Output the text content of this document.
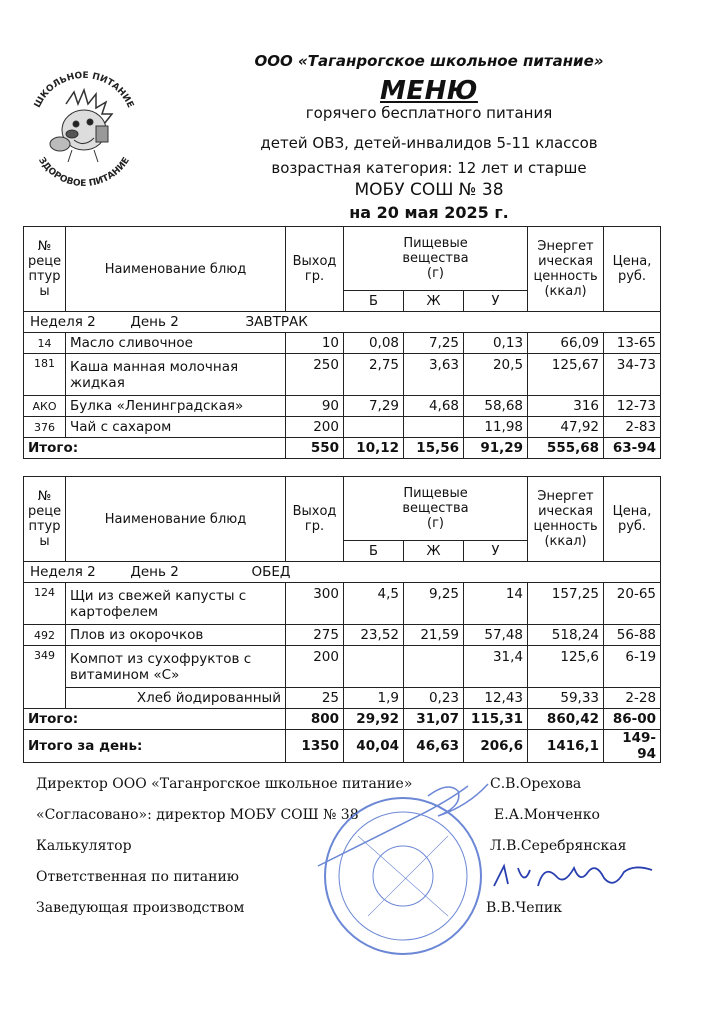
ШКОЛЬНОЕ ПИТАНИЕ
ЗДОРОВОЕ ПИТАНИЕ
ООО «Таганрогское школьное питание»
МЕНЮ
горячего бесплатного питания
детей ОВЗ, детей-инвалидов 5-11 классов
возрастная категория: 12 лет и старше
МОБУ СОШ № 38
на 20 мая 2025 г.
№
реце
птур
ы	Наименование блюд	Выход
гр.	Пищевые
вещества
(г)			Энергет
ическая
ценность
(ккал)	Цена,
руб.
			Б	Ж	У		
Неделя 2 День 2 ЗАВТРАК							
14	Масло сливочное	10	0,08	7,25	0,13	66,09	13-65
181	Каша манная молочная жидкая	250	2,75	3,63	20,5	125,67	34-73
АКО	Булка «Ленинградская»	90	7,29	4,68	58,68	316	12-73
376	Чай с сахаром	200			11,98	47,92	2-83
Итого:		550	10,12	15,56	91,29	555,68	63-94
№
реце
птур
ы	Наименование блюд	Выход
гр.	Пищевые
вещества
(г)			Энергет
ическая
ценность
(ккал)	Цена,
руб.
			Б	Ж	У		
Неделя 2 День 2 ОБЕД							
124	Щи из свежей капусты с картофелем	300	4,5	9,25	14	157,25	20-65
492	Плов из окорочков	275	23,52	21,59	57,48	518,24	56-88
349	Компот из сухофруктов с витамином «С»	200			31,4	125,6	6-19
	Хлеб йодированный	25	1,9	0,23	12,43	59,33	2-28
Итого:		800	29,92	31,07	115,31	860,42	86-00
Итого за день:		1350	40,04	46,63	206,6	1416,1	149-94
Директор ООО «Таганрогское школьное питание»	С.В.Орехова
«Согласовано»: директор МОБУ СОШ № 38	Е.А.Монченко
Калькулятор	Л.В.Серебрянская
Ответственная по питанию
Заведующая производством	В.В.Чепик
